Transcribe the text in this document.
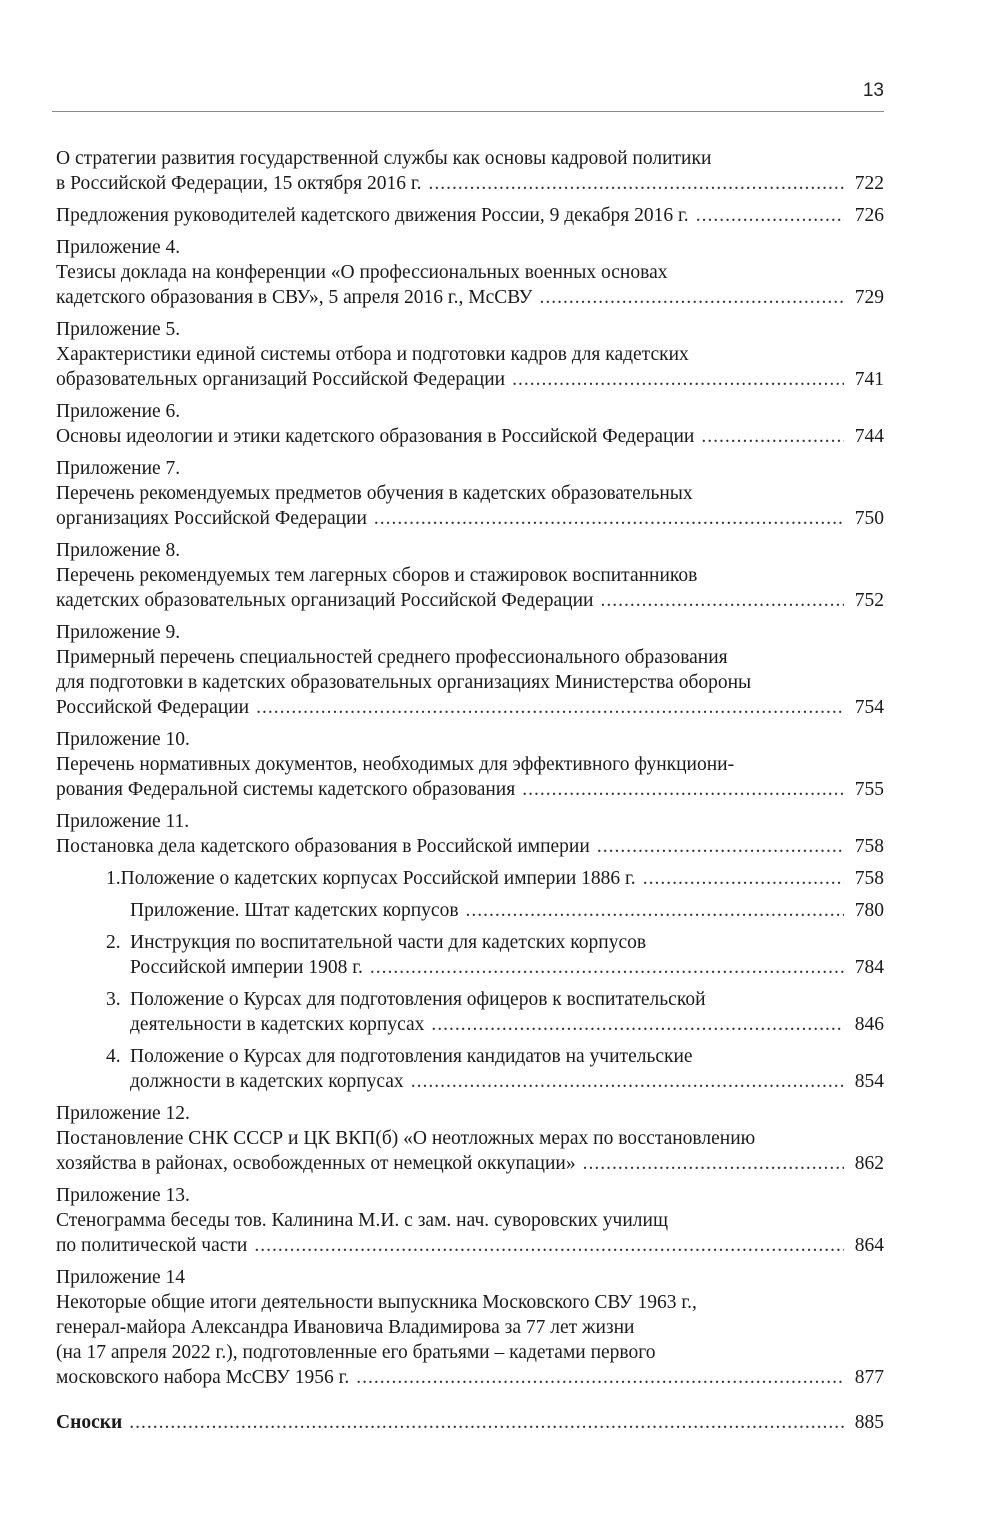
13
О стратегии развития государственной службы как основы кадровой политики
в Российской Федерации, 15 октября 2016 г. .....	722
Предложения руководителей кадетского движения России, 9 декабря 2016 г. .....	726
Приложение 4.
Тезисы доклада на конференции «О профессиональных военных основах
кадетского образования в СВУ», 5 апреля 2016 г., МсСВУ .....	729
Приложение 5.
Характеристики единой системы отбора и подготовки кадров для кадетских
образовательных организаций Российской Федерации .....	741
Приложение 6.
Основы идеологии и этики кадетского образования в Российской Федерации .....	744
Приложение 7.
Перечень рекомендуемых предметов обучения в кадетских образовательных
организациях Российской Федерации .....	750
Приложение 8.
Перечень рекомендуемых тем лагерных сборов и стажировок воспитанников
кадетских образовательных организаций Российской Федерации .....	752
Приложение 9.
Примерный перечень специальностей среднего профессионального образования
для подготовки в кадетских образовательных организациях Министерства обороны
Российской Федерации .....	754
Приложение 10.
Перечень нормативных документов, необходимых для эффективного функциони-
рования Федеральной системы кадетского образования .....	755
Приложение 11.
Постановка дела кадетского образования в Российской империи .....	758
1. Положение о кадетских корпусах Российской империи 1886 г. .....	758
Приложение. Штат кадетских корпусов .....	780
2. Инструкция по воспитательной части для кадетских корпусов
Российской империи 1908 г. .....	784
3. Положение о Курсах для подготовления офицеров к воспитательской
деятельности в кадетских корпусах .....	846
4. Положение о Курсах для подготовления кандидатов на учительские
должности в кадетских корпусах .....	854
Приложение 12.
Постановление СНК СССР и ЦК ВКП(б) «О неотложных мерах по восстановлению
хозяйства в районах, освобожденных от немецкой оккупации» .....	862
Приложение 13.
Стенограмма беседы тов. Калинина М.И. с зам. нач. суворовских училищ
по политической части .....	864
Приложение 14
Некоторые общие итоги деятельности выпускника Московского СВУ 1963 г.,
генерал-майора Александра Ивановича Владимирова за 77 лет жизни
(на 17 апреля 2022 г.), подготовленные его братьями – кадетами первого
московского набора МсСВУ 1956 г. .....	877
Сноски .....	885
